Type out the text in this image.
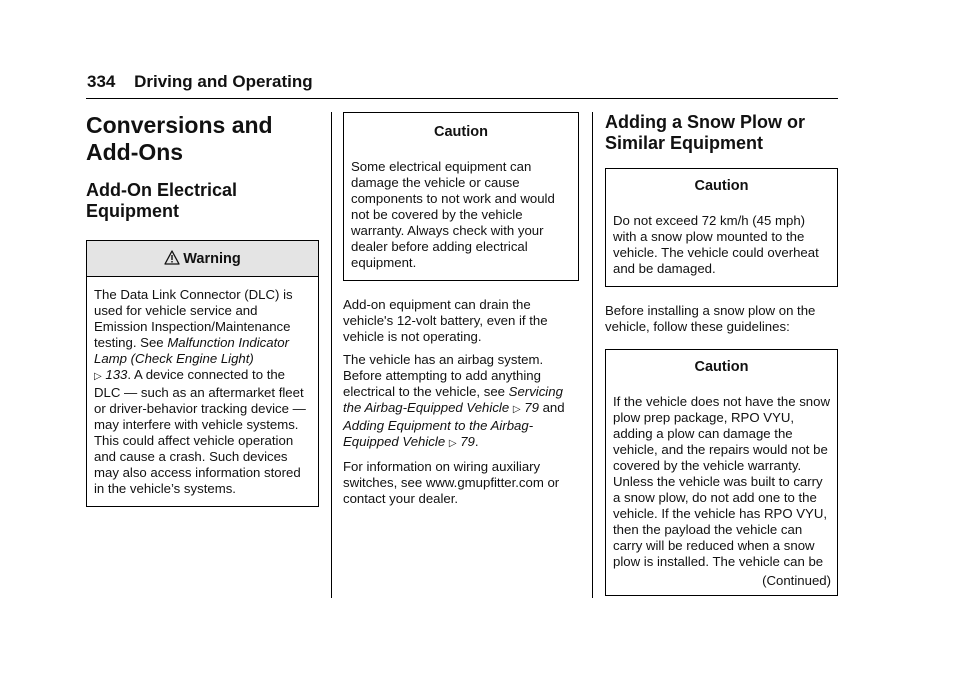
334 Driving and Operating
Conversions and
Add-Ons
Add-On Electrical
Equipment
Warning
The Data Link Connector (DLC) is used for vehicle service and Emission Inspection/Maintenance testing. See Malfunction Indicator Lamp (Check Engine Light)
▷ 133. A device connected to the DLC — such as an aftermarket fleet or driver-behavior tracking device — may interfere with vehicle systems. This could affect vehicle operation and cause a crash. Such devices may also access information stored in the vehicle’s systems.
Caution
Some electrical equipment can damage the vehicle or cause components to not work and would not be covered by the vehicle warranty. Always check with your dealer before adding electrical equipment.

Add-on equipment can drain the vehicle's 12-volt battery, even if the vehicle is not operating.

The vehicle has an airbag system. Before attempting to add anything electrical to the vehicle, see Servicing the Airbag-Equipped Vehicle ▷ 79 and Adding Equipment to the Airbag-Equipped Vehicle ▷ 79.

For information on wiring auxiliary switches, see www.gmupfitter.com or contact your dealer.

Adding a Snow Plow or
Similar Equipment
Caution
Do not exceed 72 km/h (45 mph) with a snow plow mounted to the vehicle. The vehicle could overheat and be damaged.

Before installing a snow plow on the vehicle, follow these guidelines:

Caution
If the vehicle does not have the snow plow prep package, RPO VYU, adding a plow can damage the vehicle, and the repairs would not be covered by the vehicle warranty. Unless the vehicle was built to carry a snow plow, do not add one to the vehicle. If the vehicle has RPO VYU, then the payload the vehicle can carry will be reduced when a snow plow is installed. The vehicle can be
(Continued)
